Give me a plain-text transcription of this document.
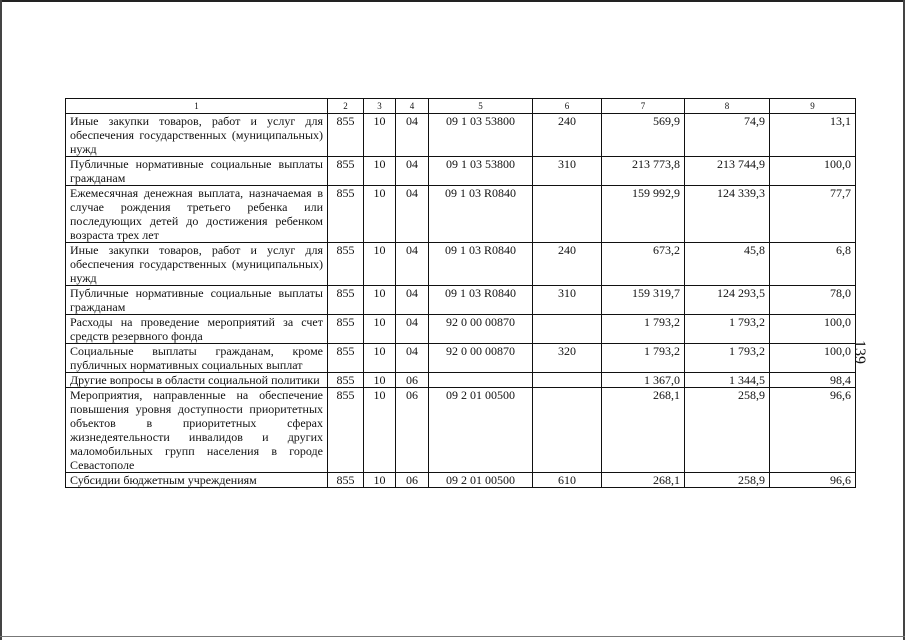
1	2	3	4	5	6	7	8	9
Иные закупки товаров, работ и услуг для обеспечения государственных (муниципальных) нужд	855	10	04	09 1 03 53800	240	569,9	74,9	13,1
Публичные нормативные социальные выплаты гражданам	855	10	04	09 1 03 53800	310	213 773,8	213 744,9	100,0
Ежемесячная денежная выплата, назначаемая в случае рождения третьего ребенка или последующих детей до достижения ребенком возраста трех лет	855	10	04	09 1 03 R0840		159 992,9	124 339,3	77,7
Иные закупки товаров, работ и услуг для обеспечения государственных (муниципальных) нужд	855	10	04	09 1 03 R0840	240	673,2	45,8	6,8
Публичные нормативные социальные выплаты гражданам	855	10	04	09 1 03 R0840	310	159 319,7	124 293,5	78,0
Расходы на проведение мероприятий за счет средств резервного фонда	855	10	04	92 0 00 00870		1 793,2	1 793,2	100,0
Социальные выплаты гражданам, кроме публичных нормативных социальных выплат	855	10	04	92 0 00 00870	320	1 793,2	1 793,2	100,0
Другие вопросы в области социальной политики	855	10	06			1 367,0	1 344,5	98,4
Мероприятия, направленные на обеспечение повышения уровня доступности приоритетных объектов в приоритетных сферах жизнедеятельности инвалидов и других маломобильных групп населения в городе Севастополе	855	10	06	09 2 01 00500		268,1	258,9	96,6
Субсидии бюджетным учреждениям	855	10	06	09 2 01 00500	610	268,1	258,9	96,6
139
